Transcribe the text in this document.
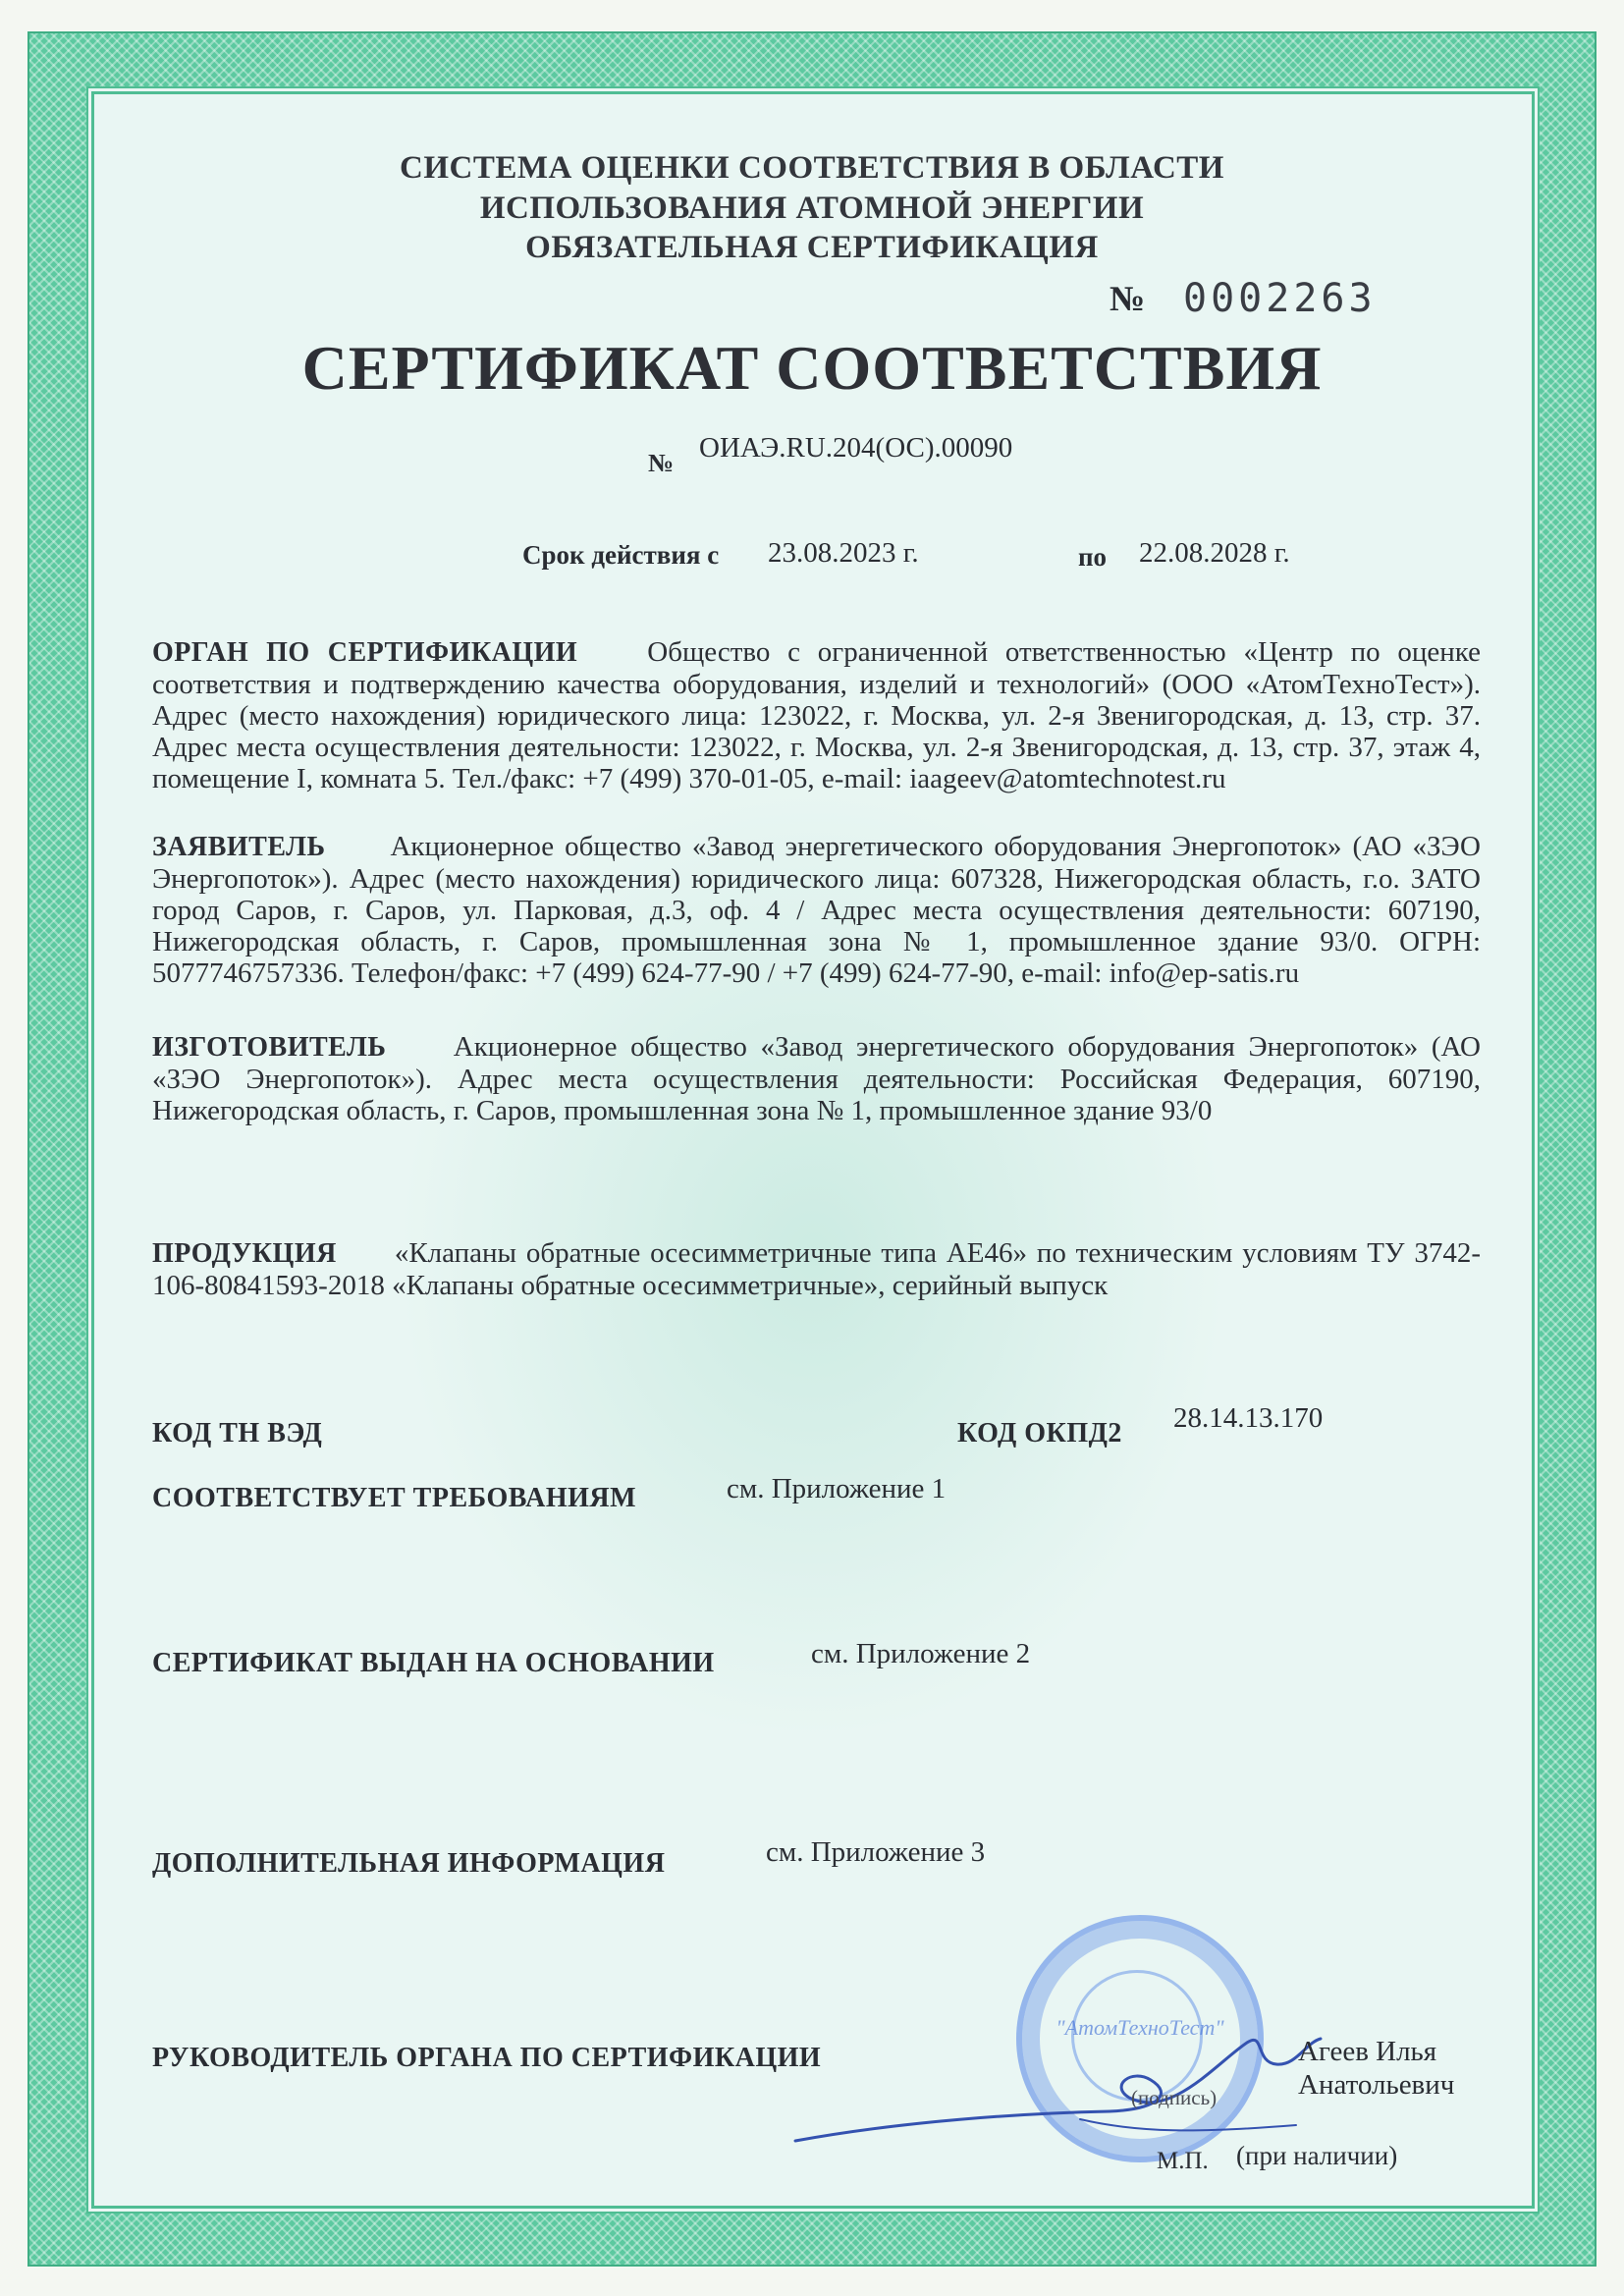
СИСТЕМА ОЦЕНКИ СООТВЕТСТВИЯ В ОБЛАСТИ
ИСПОЛЬЗОВАНИЯ АТОМНОЙ ЭНЕРГИИ
ОБЯЗАТЕЛЬНАЯ СЕРТИФИКАЦИЯ
№ 0002263
СЕРТИФИКАТ СООТВЕТСТВИЯ
№ ОИАЭ.RU.204(ОС).00090
Срок действия с 23.08.2023 г.	по 22.08.2028 г.
ОРГАН ПО СЕРТИФИКАЦИИ Общество с ограниченной ответственностью «Центр по оценке соответствия и подтверждению качества оборудования, изделий и технологий» (ООО «АтомТехноТест»). Адрес (место нахождения) юридического лица: 123022, г. Москва, ул. 2-я Звенигородская, д. 13, стр. 37. Адрес места осуществления деятельности: 123022, г. Москва, ул. 2-я Звенигородская, д. 13, стр. 37, этаж 4, помещение I, комната 5. Тел./факс: +7 (499) 370-01-05, e-mail: iaageev@atomtechnotest.ru
ЗАЯВИТЕЛЬ Акционерное общество «Завод энергетического оборудования Энергопоток» (АО «ЗЭО Энергопоток»). Адрес (место нахождения) юридического лица: 607328, Нижегородская область, г.о. ЗАТО город Саров, г. Саров, ул. Парковая, д.3, оф. 4 / Адрес места осуществления деятельности: 607190, Нижегородская область, г. Саров, промышленная зона № 1, промышленное здание 93/0. ОГРН: 5077746757336. Телефон/факс: +7 (499) 624-77-90 / +7 (499) 624-77-90, e-mail: info@ep-satis.ru
ИЗГОТОВИТЕЛЬ Акционерное общество «Завод энергетического оборудования Энергопоток» (АО «ЗЭО Энергопоток»). Адрес места осуществления деятельности: Российская Федерация, 607190, Нижегородская область, г. Саров, промышленная зона № 1, промышленное здание 93/0
ПРОДУКЦИЯ «Клапаны обратные осесимметричные типа АЕ46» по техническим условиям ТУ 3742-106-80841593-2018 «Клапаны обратные осесимметричные», серийный выпуск
КОД ТН ВЭД	КОД ОКПД2 28.14.13.170
СООТВЕТСТВУЕТ ТРЕБОВАНИЯМ	см. Приложение 1
СЕРТИФИКАТ ВЫДАН НА ОСНОВАНИИ	см. Приложение 2
ДОПОЛНИТЕЛЬНАЯ ИНФОРМАЦИЯ	см. Приложение 3
РУКОВОДИТЕЛЬ ОРГАНА ПО СЕРТИФИКАЦИИ
"АтомТехноТест"
Агеев Илья
Анатольевич
(подпись)
М.П. (при наличии)
